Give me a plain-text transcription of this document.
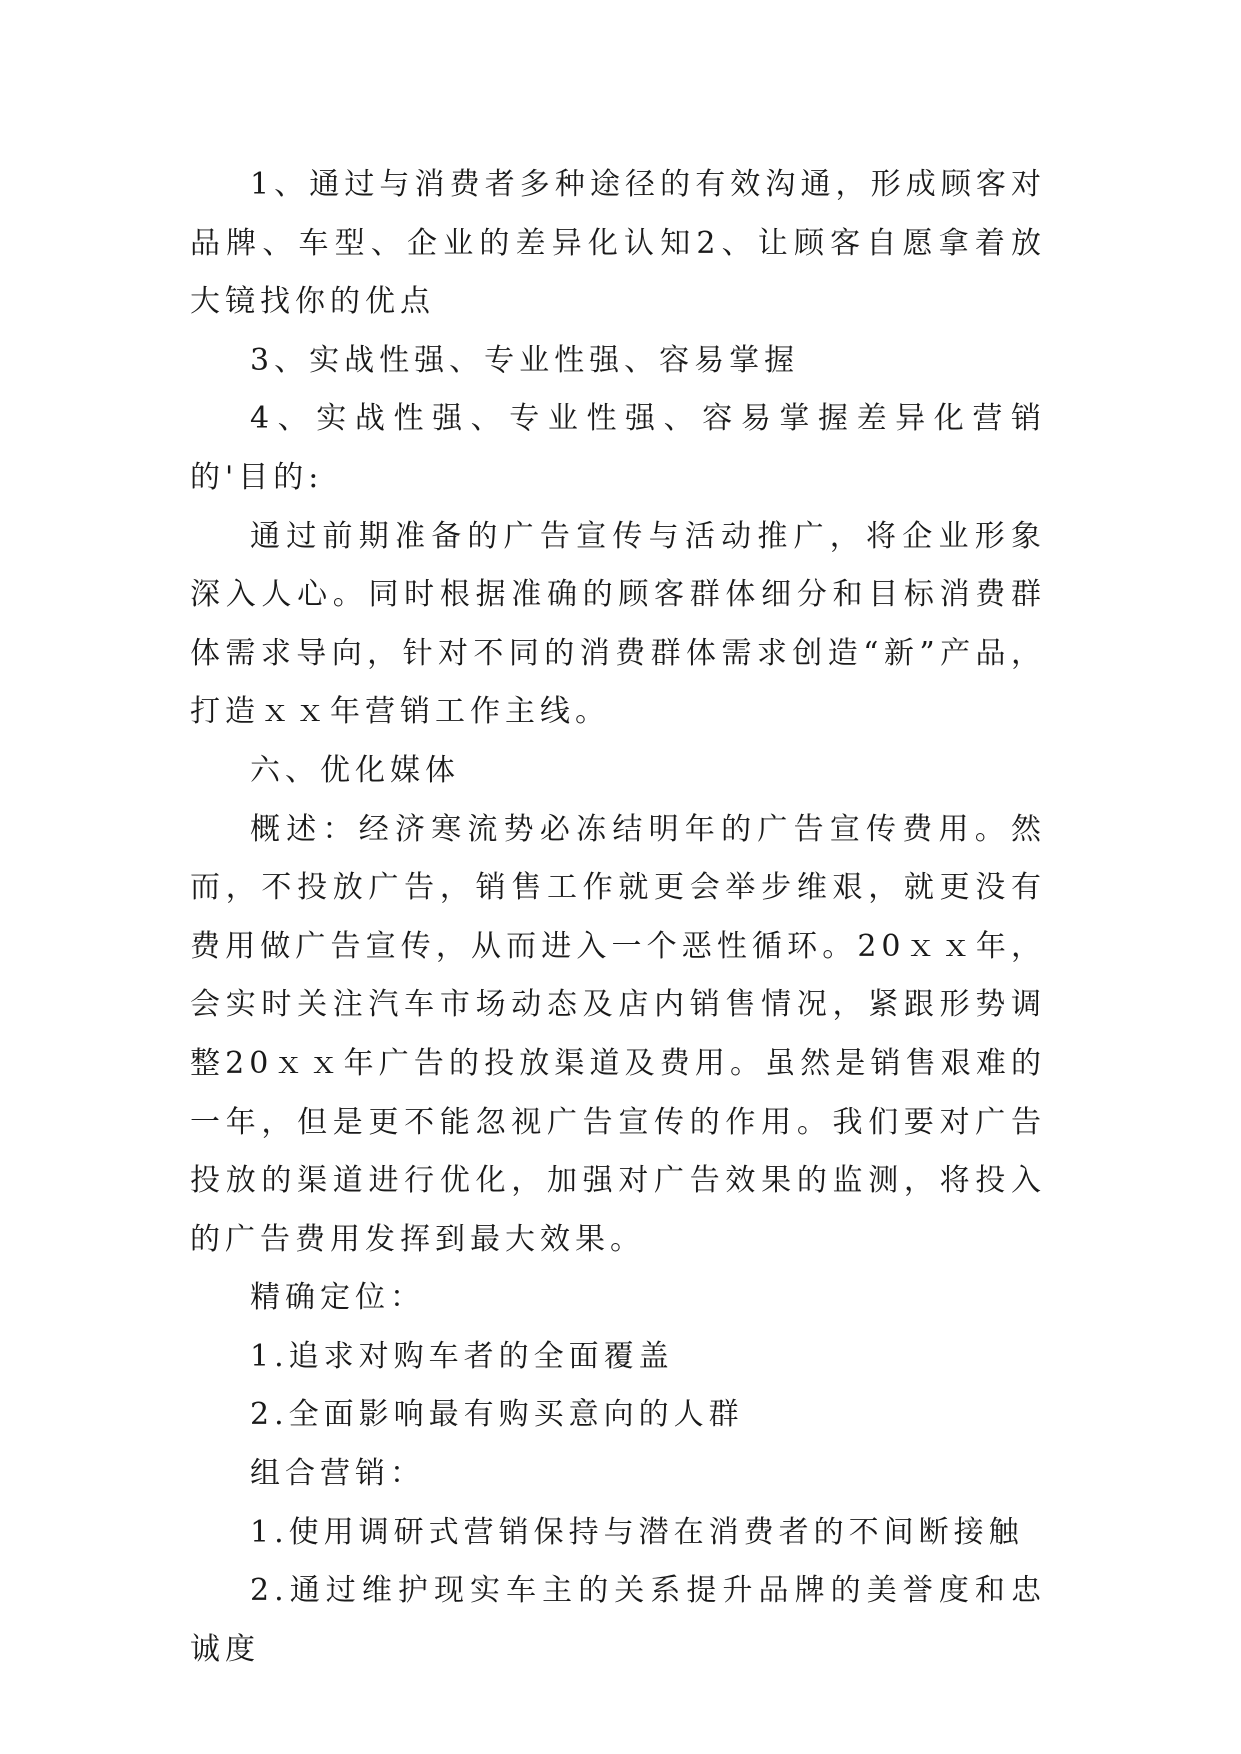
1、通过与消费者多种途径的有效沟通，形成顾客对品牌、车型、企业的差异化认知2、让顾客自愿拿着放大镜找你的优点

3、实战性强、专业性强、容易掌握

4、实战性强、专业性强、容易掌握差异化营销的'目的:

通过前期准备的广告宣传与活动推广，将企业形象深入人心。同时根据准确的顾客群体细分和目标消费群体需求导向，针对不同的消费群体需求创造“新”产品，打造ｘｘ年营销工作主线。

六、优化媒体

概述：经济寒流势必冻结明年的广告宣传费用。然而，不投放广告，销售工作就更会举步维艰，就更没有费用做广告宣传，从而进入一个恶性循环。20ｘｘ年，会实时关注汽车市场动态及店内销售情况，紧跟形势调整20ｘｘ年广告的投放渠道及费用。虽然是销售艰难的一年，但是更不能忽视广告宣传的作用。我们要对广告投放的渠道进行优化，加强对广告效果的监测，将投入的广告费用发挥到最大效果。

精确定位：

1.追求对购车者的全面覆盖

2.全面影响最有购买意向的人群

组合营销：

1.使用调研式营销保持与潜在消费者的不间断接触

2.通过维护现实车主的关系提升品牌的美誉度和忠诚度
